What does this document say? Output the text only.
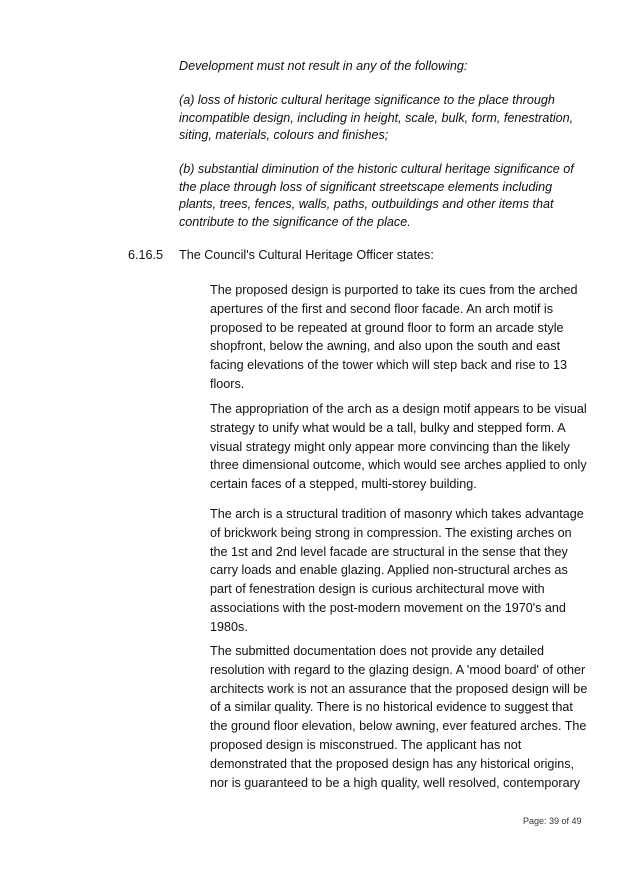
Development must not result in any of the following:
(a) loss of historic cultural heritage significance to the place through incompatible design, including in height, scale, bulk, form, fenestration, siting, materials, colours and finishes;
(b) substantial diminution of the historic cultural heritage significance of the place through loss of significant streetscape elements including plants, trees, fences, walls, paths, outbuildings and other items that contribute to the significance of the place.
6.16.5 The Council's Cultural Heritage Officer states:
The proposed design is purported to take its cues from the arched apertures of the first and second floor facade. An arch motif is proposed to be repeated at ground floor to form an arcade style shopfront, below the awning, and also upon the south and east facing elevations of the tower which will step back and rise to 13 floors.
The appropriation of the arch as a design motif appears to be visual strategy to unify what would be a tall, bulky and stepped form. A visual strategy might only appear more convincing than the likely three dimensional outcome, which would see arches applied to only certain faces of a stepped, multi-storey building.
The arch is a structural tradition of masonry which takes advantage of brickwork being strong in compression. The existing arches on the 1st and 2nd level facade are structural in the sense that they carry loads and enable glazing. Applied non-structural arches as part of fenestration design is curious architectural move with associations with the post-modern movement on the 1970's and 1980s.
The submitted documentation does not provide any detailed resolution with regard to the glazing design. A 'mood board' of other architects work is not an assurance that the proposed design will be of a similar quality. There is no historical evidence to suggest that the ground floor elevation, below awning, ever featured arches. The proposed design is misconstrued. The applicant has not demonstrated that the proposed design has any historical origins, nor is guaranteed to be a high quality, well resolved, contemporary
Page: 39 of 49
